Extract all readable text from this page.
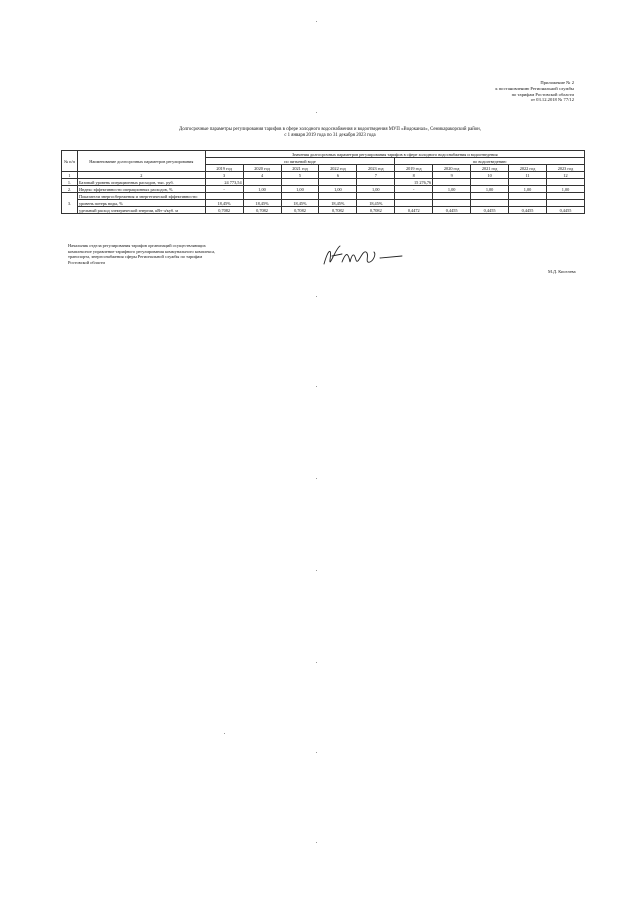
Приложение № 2
к постановлению Региональной службы
по тарифам Ростовской области
от 03.12.2018 № 77/12
Долгосрочные параметры регулирования тарифов в сфере холодного водоснабжения и водоотведения МУП «Водоканал», Семикаракорский район,
с 1 января 2019 года по 31 декабря 2023 года
№ п/п	Наименование долгосрочных параметров регулирования	Значения долгосрочных параметров регулирования тарифов в сфере холодного водоснабжения и водоотведения									
		по питьевой воде					по водоотведению				
		2019 год	2020 год	2021 год	2022 год	2023 год	2019 год	2020 год	2021 год	2022 год	2023 год
1	2	3	4	5	6	7	8	9	10	11	12
1.	Базовый уровень операционных расходов, тыс. руб.	24 773,54					15 276,76				
2.	Индекс эффективности операционных расходов, %	-	1,00	1,00	1,00	1,00	-	1,00	1,00	1,00	1,00
3.	Показатели энергосбережения и энергетической эффективности:										
	уровень потерь воды, %	18,45%	18,45%	18,45%	18,45%	18,45%					
	удельный расход электрической энергии, кВт·ч/куб. м	0,7082	0,7082	0,7082	0,7082	0,7082	0,4472	0,4455	0,4455	0,4455	0,4455
Начальник отдела регулирования тарифов организаций осуществляющих
комплексное управление тарифного регулирования коммунального комплекса,
транспорта, энергоснабжения сферы Региональной службы по тарифам
Ростовской области
М.Д. Киселева
